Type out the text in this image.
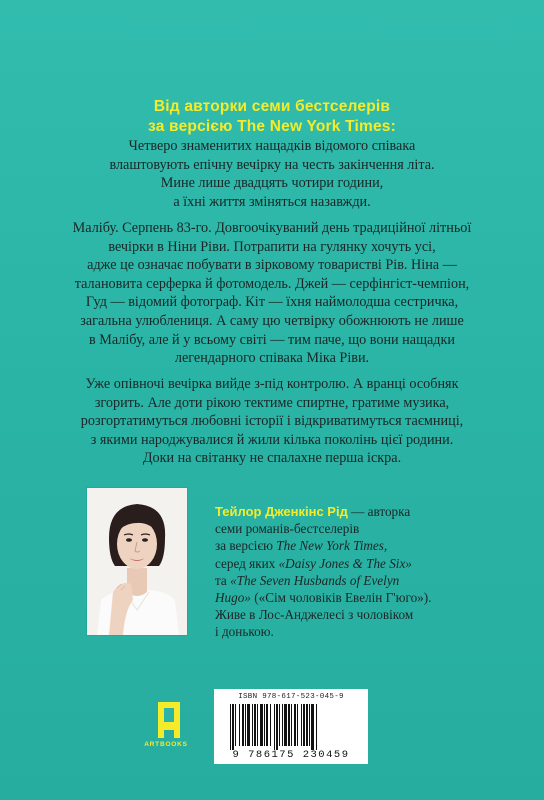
Від авторки семи бестселерів
за версією The New York Times:
Четверо знаменитих нащадків відомого співака
влаштовують епічну вечірку на честь закінчення літа.
Мине лише двадцять чотири години,
а їхні життя зміняться назавжди.
Малібу. Серпень 83-го. Довгоочікуваний день традиційної літньої
вечірки в Ніни Ріви. Потрапити на гулянку хочуть усі,
адже це означає побувати в зірковому товаристві Рів. Ніна —
талановита серферка й фотомодель. Джей — серфінгіст-чемпіон,
Гуд — відомий фотограф. Кіт — їхня наймолодша сестричка,
загальна улюблениця. А саму цю четвірку обожнюють не лише
в Малібу, але й у всьому світі — тим паче, що вони нащадки
легендарного співака Міка Ріви.
Уже опівночі вечірка вийде з-під контролю. А вранці особняк
згорить. Але доти рікою тектиме спиртне, гратиме музика,
розгортатимуться любовні історії і відкриватимуться таємниці,
з якими народжувалися й жили кілька поколінь цієї родини.
Доки на світанку не спалахне перша іскра.
Тейлор Дженкінс Рід — авторка
семи романів-бестселерів
за версією The New York Times,
серед яких «Daisy Jones & The Six»
та «The Seven Husbands of Evelyn
Hugo» («Сім чоловіків Евелін Г'юго»).
Живе в Лос-Анджелесі з чоловіком
і донькою.
ARTBOOKS
ISBN 978-617-523-045-9
9 786175 230459
